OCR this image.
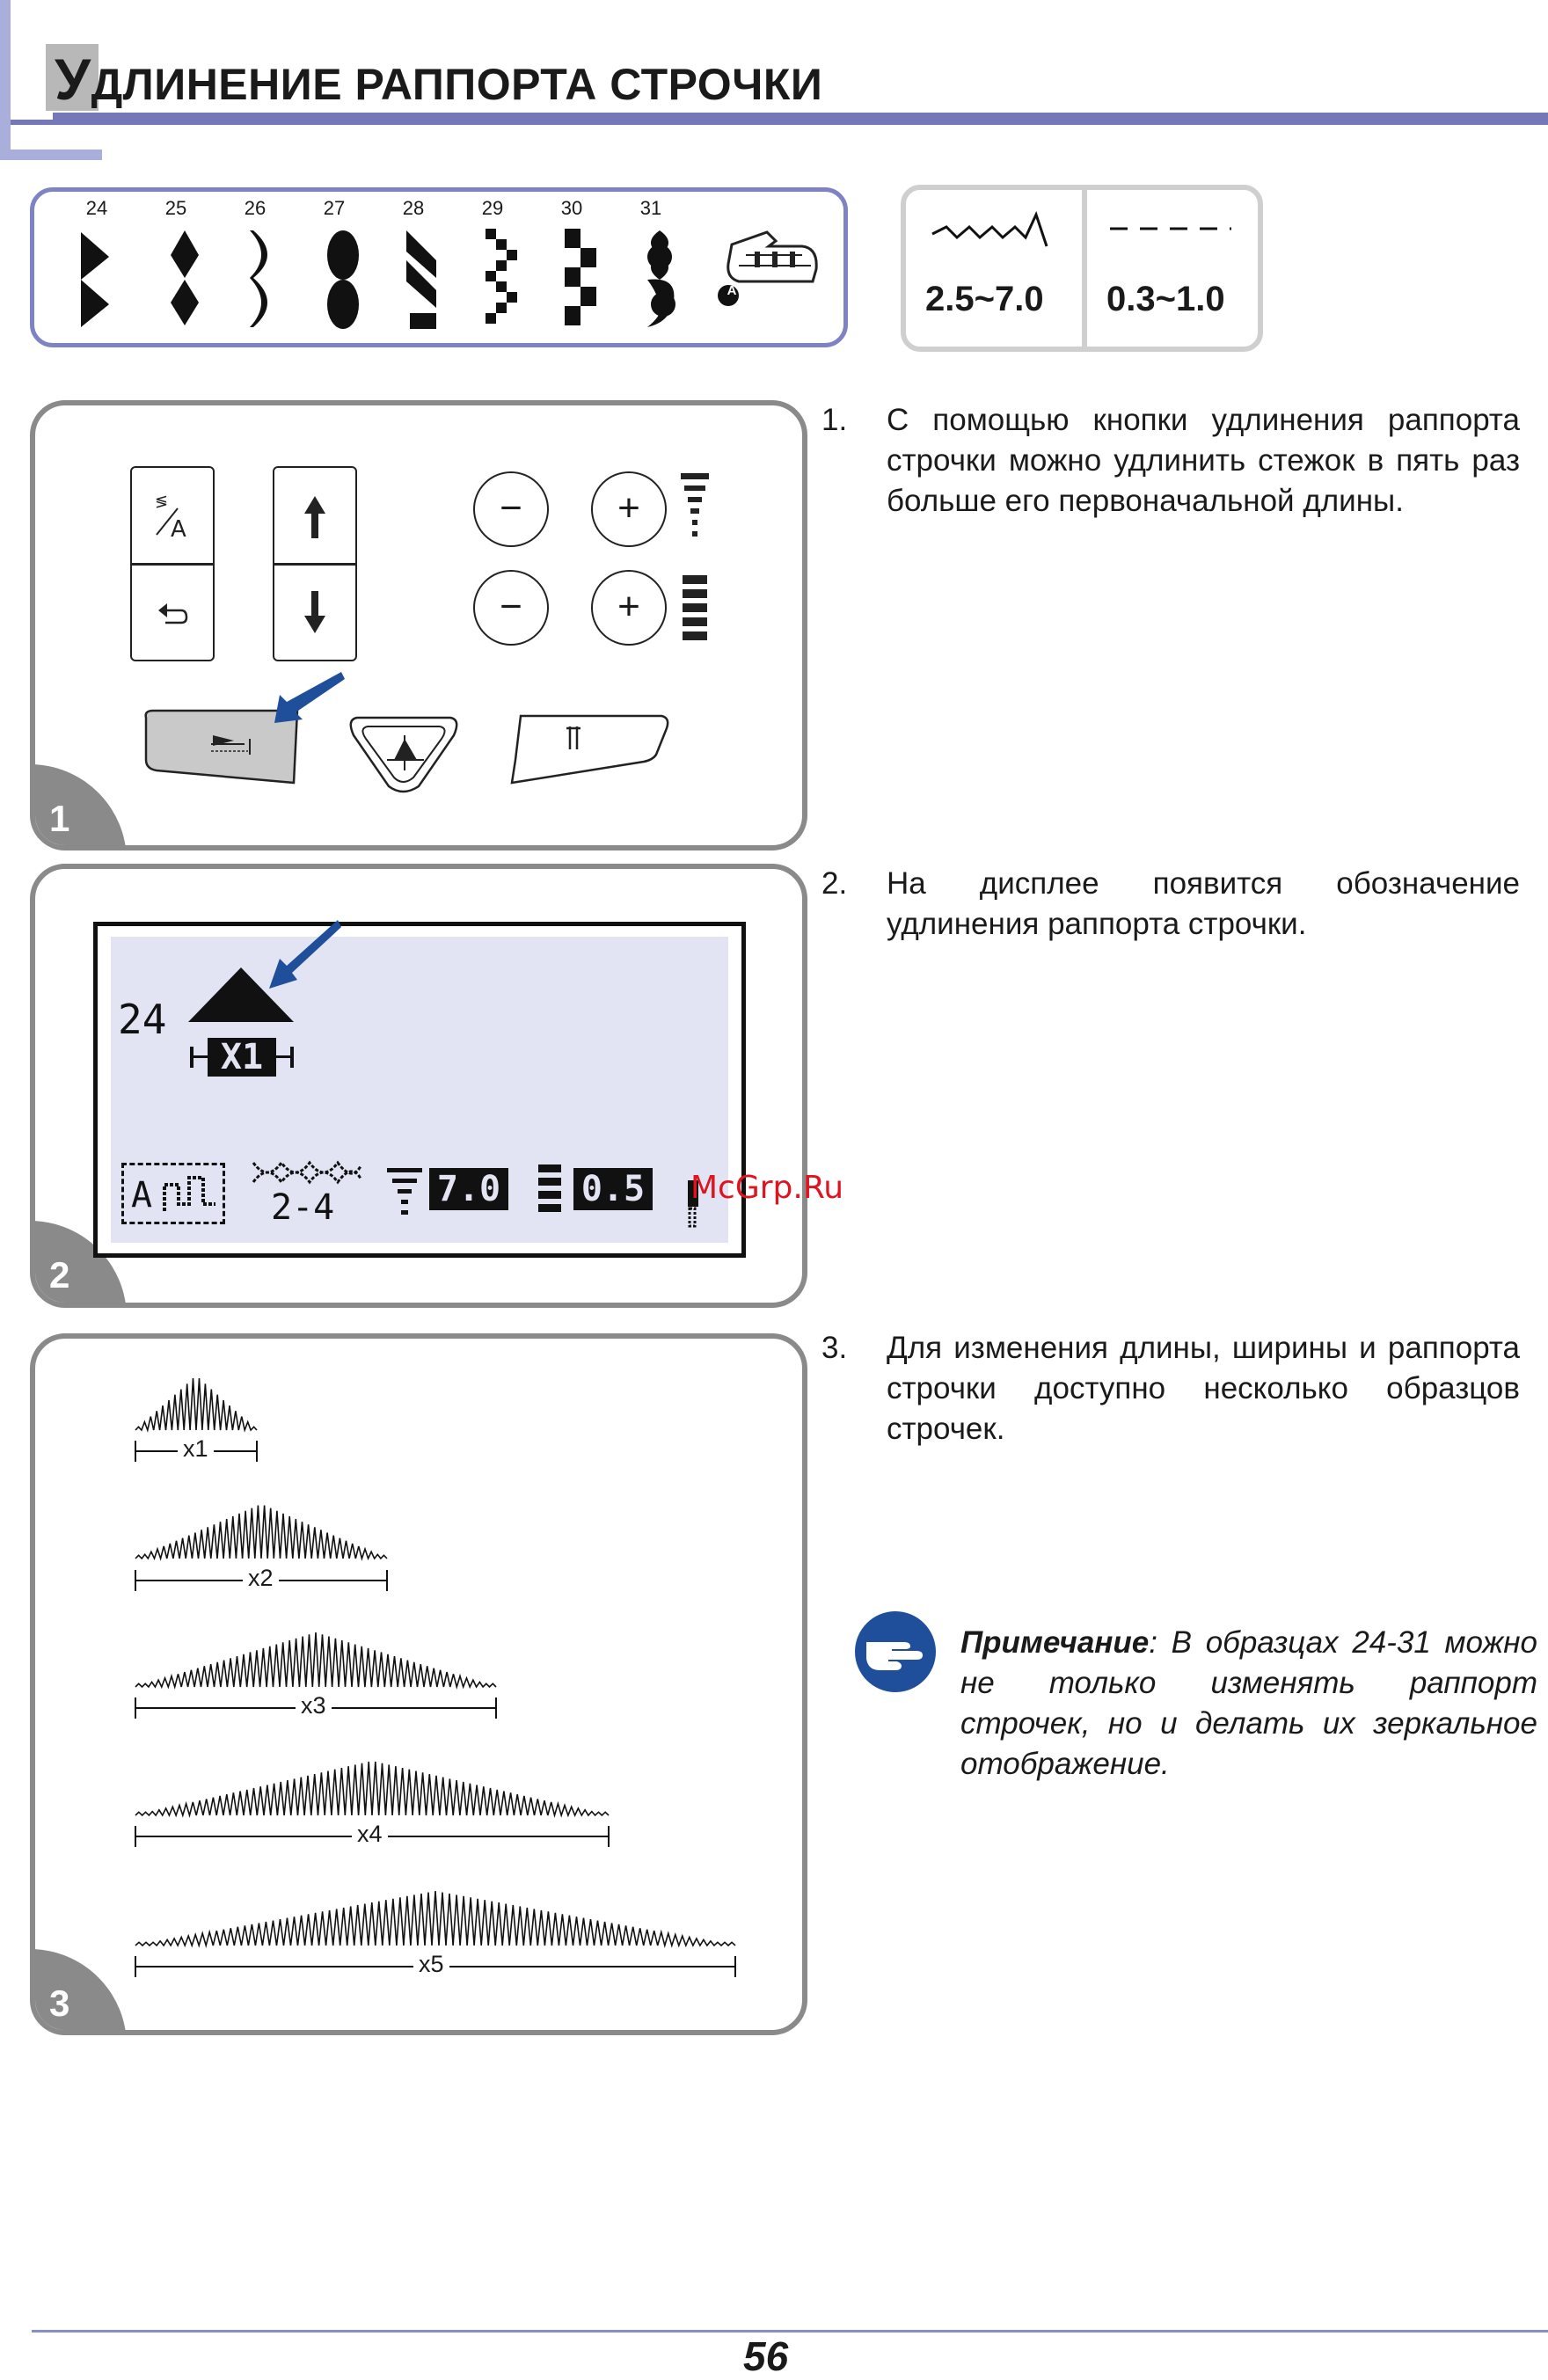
УДЛИНЕНИЕ РАППОРТА СТРОЧКИ
24	25	26	27	28	29	30	31
A	2.5~7.0 0.3~1.0
1
≶
A	−	+
−	+
2
24
X1
A	2-4	7.0 0.5 McGrp.Ru
3
x1
x2
x3
x4
x5
1. С помощью кнопки удлинения раппорта строчки можно удлинить стежок в пять раз больше его первоначальной длины.
2. На дисплее появится обозначение удлинения раппорта строчки.
3. Для изменения длины, ширины и раппорта строчки доступно несколько образцов строчек.
Примечание: В образцах 24-31 можно не только изменять раппорт строчек, но и делать их зеркальное отображение.
56
